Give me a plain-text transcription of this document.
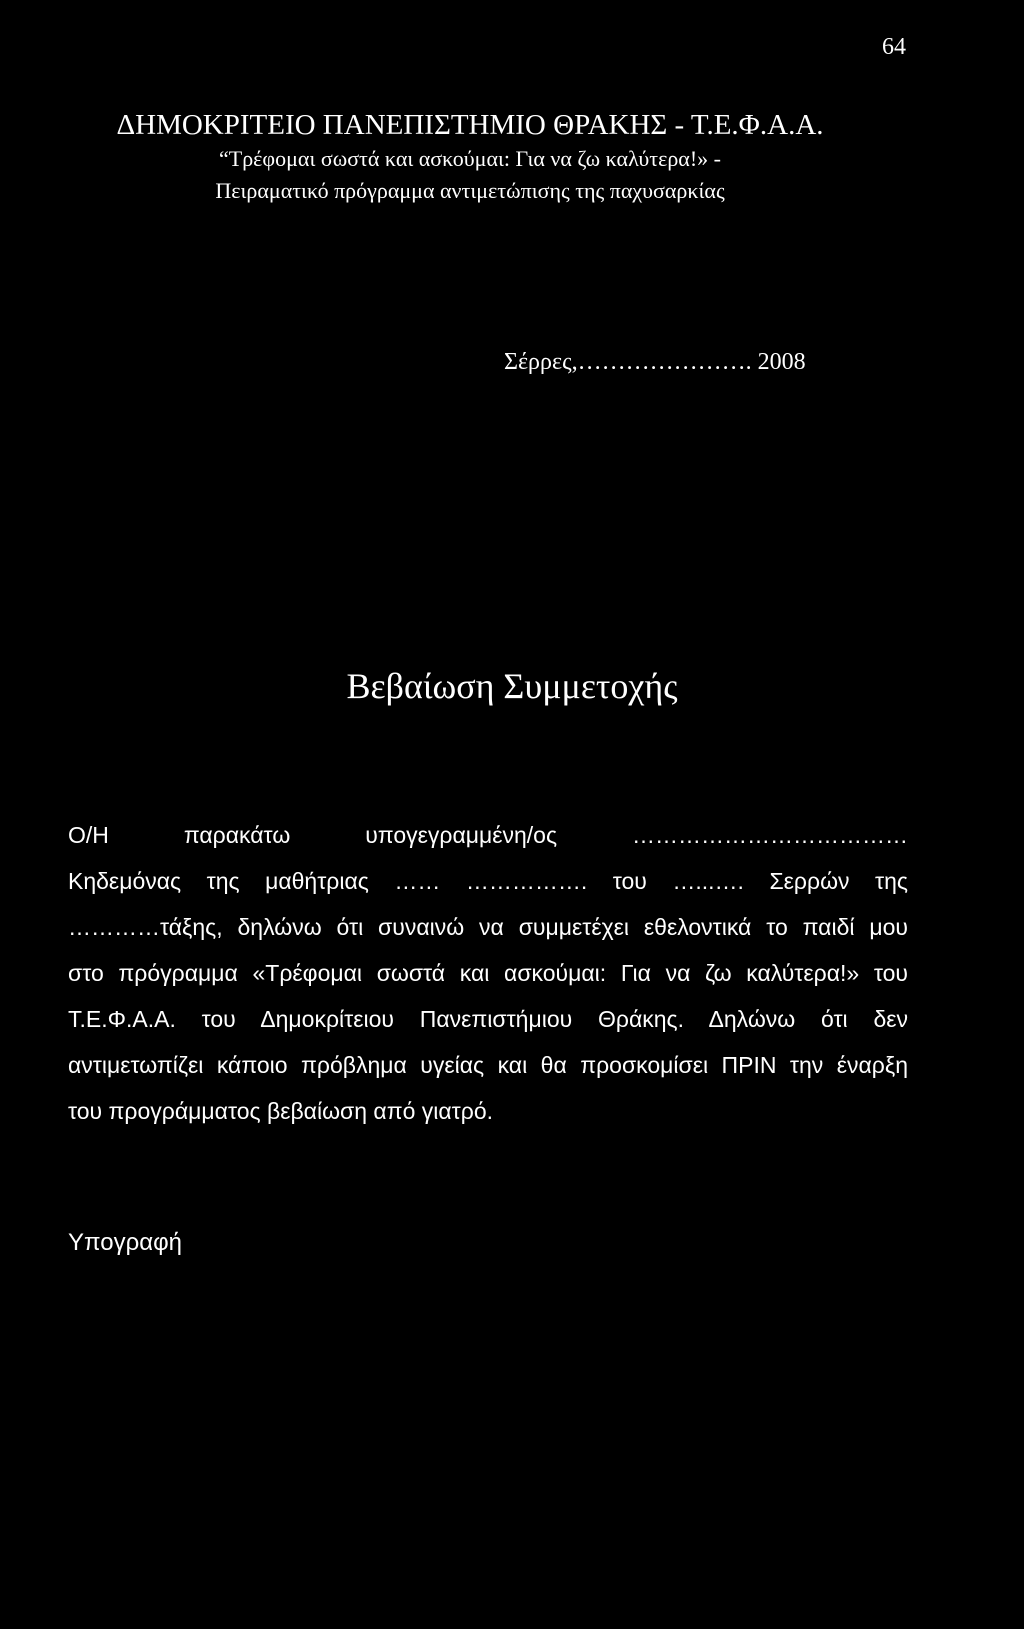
64

ΔΗΜΟΚΡΙΤΕΙΟ ΠΑΝΕΠΙΣΤΗΜΙΟ ΘΡΑΚΗΣ - Τ.Ε.Φ.Α.Α.

“Τρέφομαι σωστά και ασκούμαι: Για να ζω καλύτερα!» -

Πειραματικό πρόγραμμα αντιμετώπισης της παχυσαρκίας

Σέρρες,…………………. 2008

Βεβαίωση Συμμετοχής
Ο/Η παρακάτω υπογεγραμμένη/ος ………………………………
Κηδεμόνας της μαθήτριας …… ……………. του …...…. Σερρών της
…………τάξης, δηλώνω ότι συναινώ να συμμετέχει εθελοντικά το παιδί μου
στο πρόγραμμα «Τρέφομαι σωστά και ασκούμαι: Για να ζω καλύτερα!» του
Τ.Ε.Φ.Α.Α. του Δημοκρίτειου Πανεπιστήμιου Θράκης. Δηλώνω ότι δεν
αντιμετωπίζει κάποιο πρόβλημα υγείας και θα προσκομίσει ΠΡΙΝ την έναρξη
του προγράμματος βεβαίωση από γιατρό.

Υπογραφή
